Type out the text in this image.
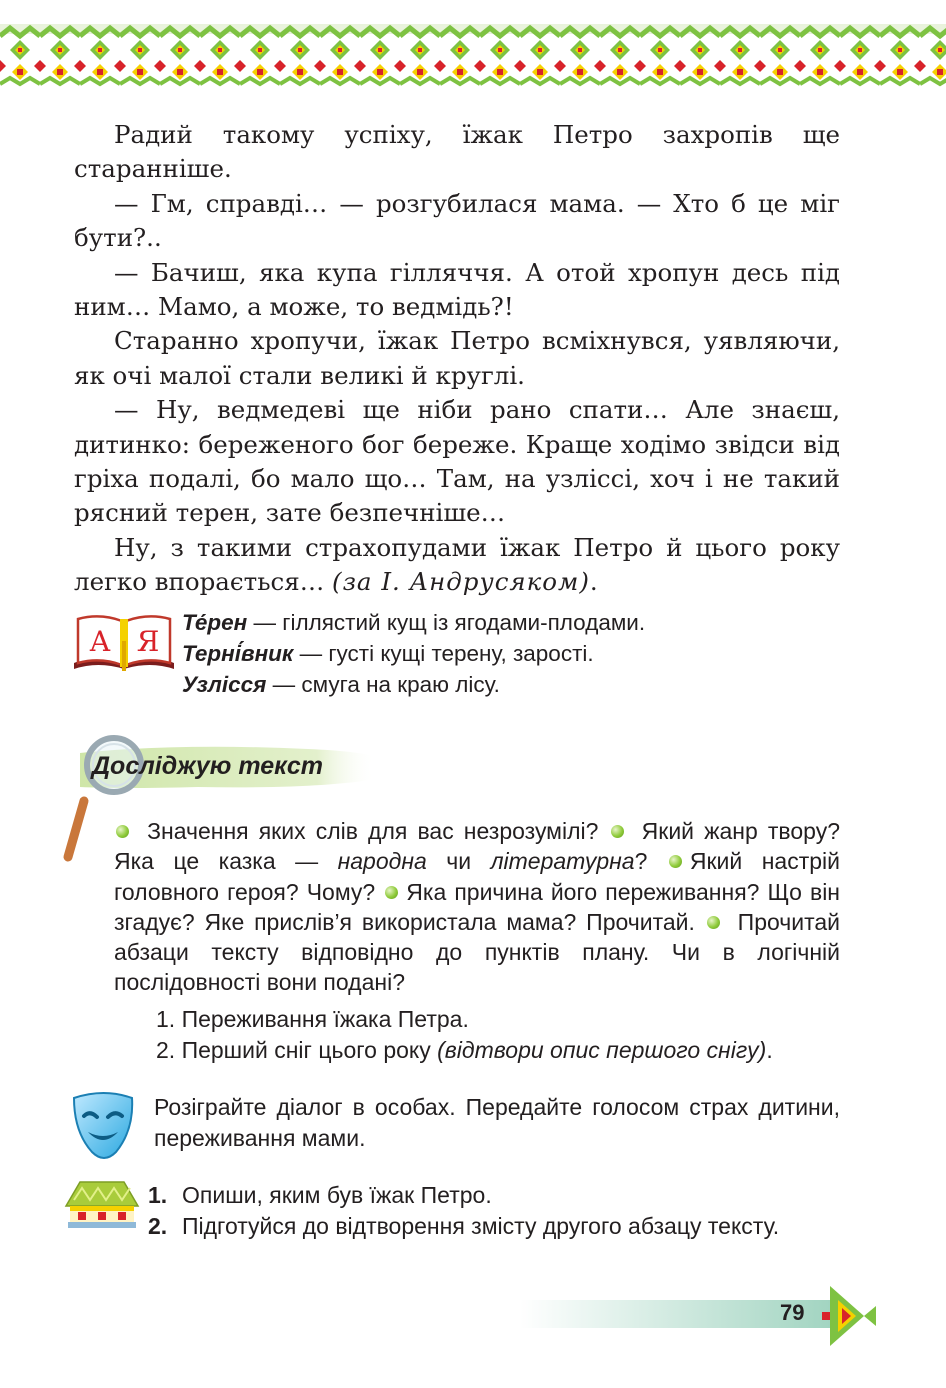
Радий такому успіху, їжак Петро захропів ще старанніше.

— Гм, справді… — розгубилася мама. — Хто б це міг бути?..

— Бачиш, яка купа гілляччя. А отой хропун десь під ним… Мамо, а може, то ведмідь?!

Старанно хропучи, їжак Петро всміхнувся, уявляючи, як очі малої стали великі й круглі.

— Ну, ведмедеві ще ніби рано спати… Але знаєш, дитинко: береженого бог береже. Краще ходімо звідси від гріха подалі, бо мало що… Там, на узліссі, хоч і не такий рясний терен, зате безпечніше…

Ну, з такими страхопудами їжак Петро й цього року легко впорається… (за І. Андрусяком).

А Я
Те́рен — гіллястий кущ із ягодами-плодами.
Терні́вник — густі кущі терену, зарості.
Узлісся — смуга на краю лісу.
Досліджую текст
Значення яких слів для вас незрозумілі? Який жанр твору? Яка це казка — народна чи літературна? Який настрій головного героя? Чому? Яка причина його переживання? Що він згадує? Яке прислів’я використала мама? Прочитай. Прочитай абзаци тексту відповідно до пунктів плану. Чи в логічній послідовності вони подані?
1. Переживання їжака Петра.
2. Перший сніг цього року (відтвори опис першого снігу).
Розіграйте діалог в особах. Передайте голосом страх дитини, переживання мами.
1. Опиши, яким був їжак Петро.
2. Підготуйся до відтворення змісту другого абзацу тексту.
79
